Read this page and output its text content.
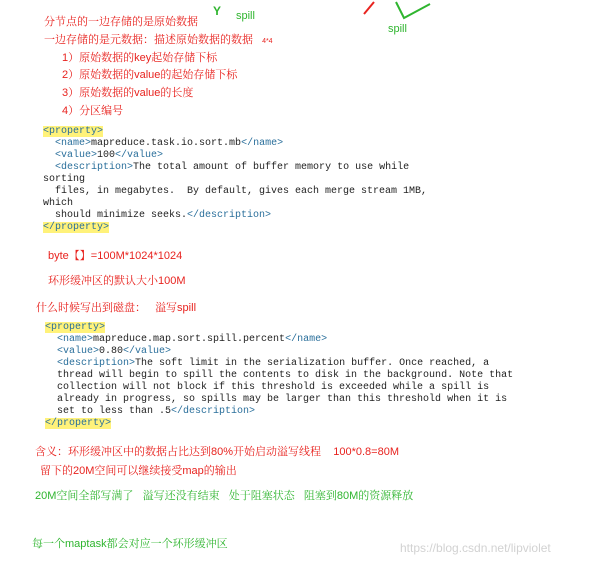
分节点的一边存储的是原始数据
一边存储的是元数据：描述原始数据的数据 4*4
1）原始数据的key起始存储下标
2）原始数据的value的起始存储下标
3）原始数据的value的长度
4）分区编号
Y spill
spill
<property>
<name>mapreduce.task.io.sort.mb</name>
<value>100</value>
<description>The total amount of buffer memory to use while
sorting
files, in megabytes.  By default, gives each merge stream 1MB,
which
should minimize seeks.</description>
</property>
byte【】=100M*1024*1024
环形缓冲区的默认大小100M
什么时候写出到磁盘： 溢写spill
<property>
<name>mapreduce.map.sort.spill.percent</name>
<value>0.80</value>
<description>The soft limit in the serialization buffer. Once reached, a
thread will begin to spill the contents to disk in the background. Note that
collection will not block if this threshold is exceeded while a spill is
already in progress, so spills may be larger than this threshold when it is
set to less than .5</description>
</property>
含义：环形缓冲区中的数据占比达到80%开始启动溢写线程    100*0.8=80M
留下的20M空间可以继续接受map的输出
20M空间全部写满了   溢写还没有结束   处于阻塞状态   阻塞到80M的资源释放
每一个maptask都会对应一个环形缓冲区	https://blog.csdn.net/lipviolet
